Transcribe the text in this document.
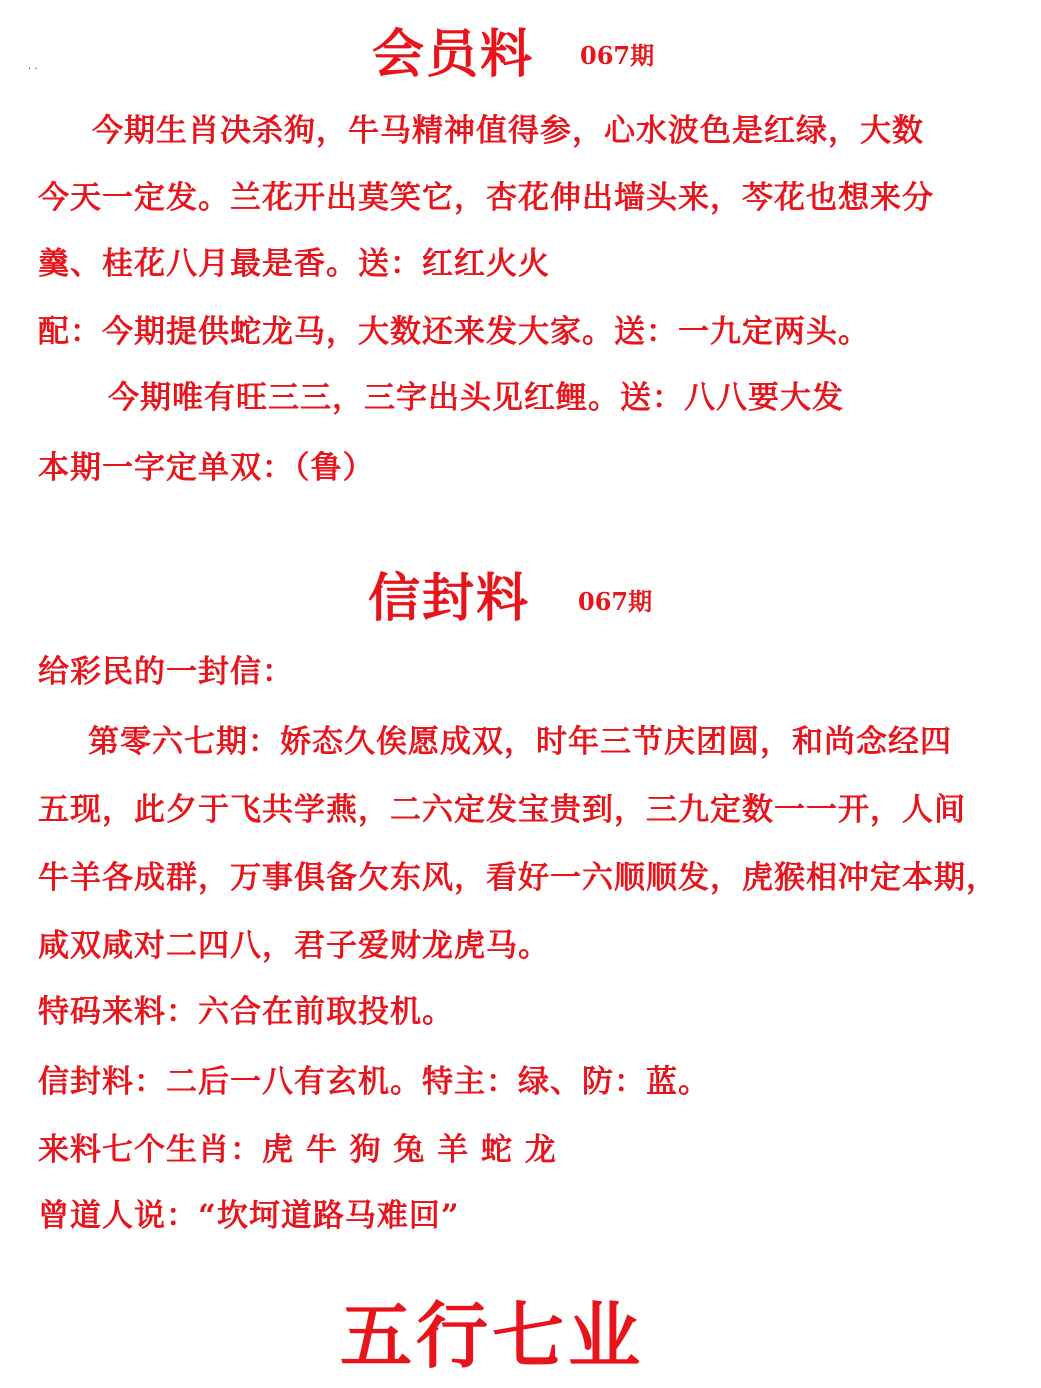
会员料 067期
· ·
今期生肖决杀狗，牛马精神值得参，心水波色是红绿，大数
今天一定发。兰花开出莫笑它，杏花伸出墙头来，芩花也想来分
羹、桂花八月最是香。送：红红火火
配：今期提供蛇龙马，大数还来发大家。送：一九定两头。
今期唯有旺三三，三字出头见红鲤。送：八八要大发
本期一字定单双：（鲁）
信封料 067期
给彩民的一封信：
第零六七期：娇态久俟愿成双，时年三节庆团圆，和尚念经四
五现，此夕于飞共学燕，二六定发宝贵到，三九定数一一开，人间
牛羊各成群，万事俱备欠东风，看好一六顺顺发，虎猴相冲定本期，
咸双咸对二四八，君子爱财龙虎马。
特码来料：六合在前取投机。
信封料：二后一八有玄机。特主：绿、防：蓝。
来料七个生肖：虎 牛 狗 兔 羊 蛇 龙
曾道人说：“坎坷道路马难回”
五行七业
